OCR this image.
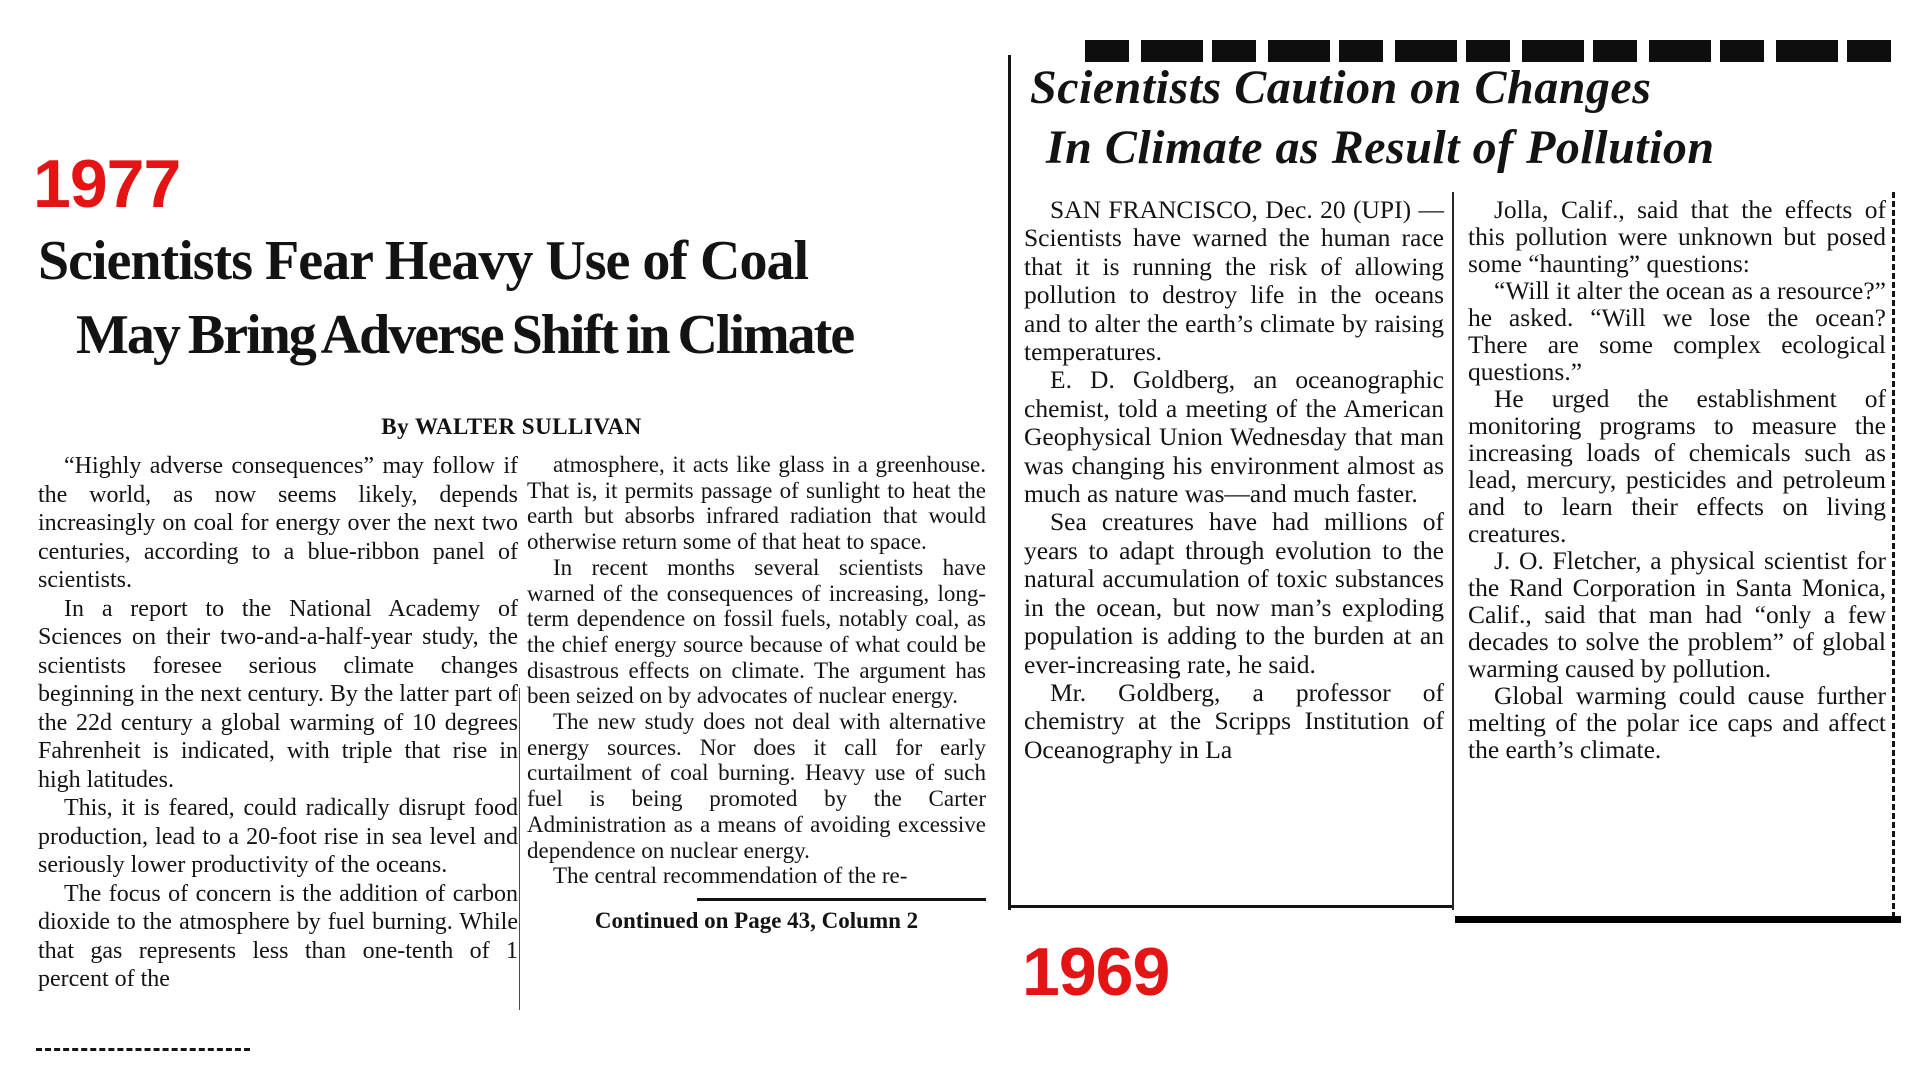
1977
Scientists Fear Heavy Use of Coal
May Bring Adverse Shift in Climate
By WALTER SULLIVAN

“Highly adverse consequences” may follow if the world, as now seems likely, depends increasingly on coal for energy over the next two centuries, according to a blue-ribbon panel of scientists.

In a report to the National Academy of Sciences on their two-and-a-half-year study, the scientists foresee serious climate changes beginning in the next century. By the latter part of the 22d century a global warming of 10 degrees Fahrenheit is indicated, with triple that rise in high latitudes.

This, it is feared, could radically disrupt food production, lead to a 20-foot rise in sea level and seriously lower productivity of the oceans.

The focus of concern is the addition of carbon dioxide to the atmosphere by fuel burning. While that gas represents less than one-tenth of 1 percent of the

atmosphere, it acts like glass in a greenhouse. That is, it permits passage of sunlight to heat the earth but absorbs infrared radiation that would otherwise return some of that heat to space.

In recent months several scientists have warned of the consequences of increasing, long-term dependence on fossil fuels, notably coal, as the chief energy source because of what could be disastrous effects on climate. The argument has been seized on by advocates of nuclear energy.

The new study does not deal with alternative energy sources. Nor does it call for early curtailment of coal burning. Heavy use of such fuel is being promoted by the Carter Administration as a means of avoiding excessive dependence on nuclear energy.

The central recommendation of the re-

Continued on Page 43, Column 2
Scientists Caution on Changes
In Climate as Result of Pollution

SAN FRANCISCO, Dec. 20 (UPI) — Scientists have warned the human race that it is running the risk of allowing pollution to destroy life in the oceans and to alter the earth’s climate by raising temperatures.

E. D. Goldberg, an oceanographic chemist, told a meeting of the American Geophysical Union Wednesday that man was changing his environment almost as much as nature was—and much faster.

Sea creatures have had millions of years to adapt through evolution to the natural accumulation of toxic substances in the ocean, but now man’s exploding population is adding to the burden at an ever-increasing rate, he said.

Mr. Goldberg, a professor of chemistry at the Scripps Institution of Oceanography in La

Jolla, Calif., said that the effects of this pollution were unknown but posed some “haunting” questions:

“Will it alter the ocean as a resource?” he asked. “Will we lose the ocean? There are some complex ecological questions.”

He urged the establishment of monitoring programs to measure the increasing loads of chemicals such as lead, mercury, pesticides and petroleum and to learn their effects on living creatures.

J. O. Fletcher, a physical scientist for the Rand Corporation in Santa Monica, Calif., said that man had “only a few decades to solve the problem” of global warming caused by pollution.

Global warming could cause further melting of the polar ice caps and affect the earth’s climate.

1969
